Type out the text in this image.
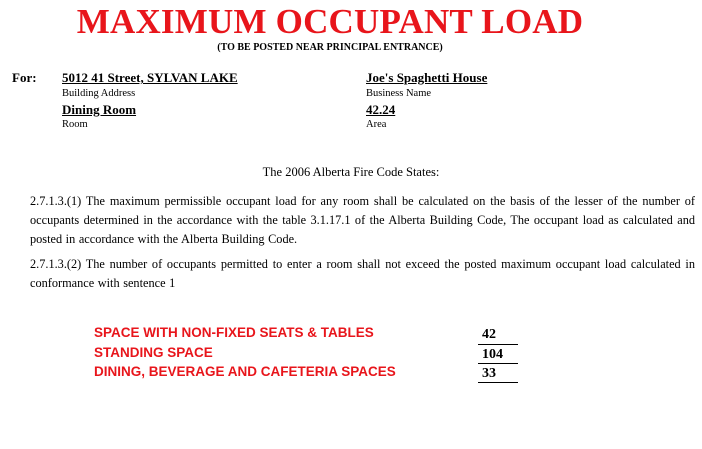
MAXIMUM OCCUPANT LOAD
(TO BE POSTED NEAR PRINCIPAL ENTRANCE)
For: 5012 41 Street, SYLVAN LAKE
Building Address
Joe's Spaghetti House
Business Name
Dining Room
Room
42.24
Area
The 2006 Alberta Fire Code States:
2.7.1.3.(1) The maximum permissible occupant load for any room shall be calculated on the basis of the lesser of the number of occupants determined in the accordance with the table 3.1.17.1 of the Alberta Building Code, The occupant load as calculated and posted in accordance with the Alberta Building Code.
2.7.1.3.(2) The number of occupants permitted to enter a room shall not exceed the posted maximum occupant load calculated in conformance with sentence 1
SPACE WITH NON-FIXED SEATS & TABLES	42
STANDING SPACE	104
DINING, BEVERAGE AND CAFETERIA SPACES	33
